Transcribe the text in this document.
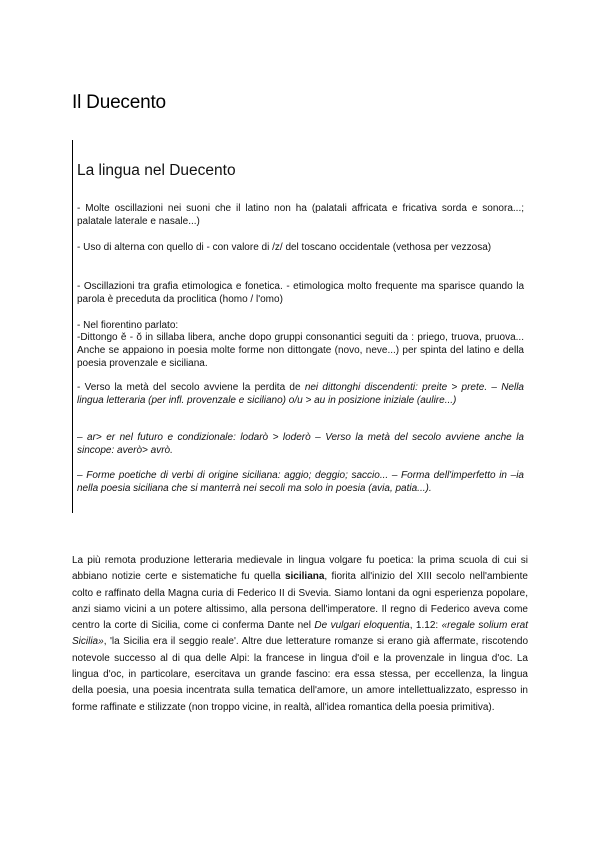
Il Duecento
La lingua nel Duecento

- Molte oscillazioni nei suoni che il latino non ha (palatali affricata e fricativa sorda e sonora...; palatale laterale e nasale...)

- Uso di alterna con quello di - con valore di /z/ del toscano occidentale (vethosa per vezzosa)

- Oscillazioni tra grafia etimologica e fonetica. - etimologica molto frequente ma sparisce quando la parola è preceduta da proclitica (homo / l'omo)

- Nel fiorentino parlato:

-Dittongo ě - ŏ in sillaba libera, anche dopo gruppi consonantici seguiti da : priego, truova, pruova... Anche se appaiono in poesia molte forme non dittongate (novo, neve...) per spinta del latino e della poesia provenzale e siciliana.

- Verso la metà del secolo avviene la perdita de nei dittonghi discendenti: preite > prete. – Nella lingua letteraria (per infl. provenzale e siciliano) o/u > au in posizione iniziale (aulire...)

– ar> er nel futuro e condizionale: lodarò > loderò – Verso la metà del secolo avviene anche la sincope: averò> avrò.

– Forme poetiche di verbi di origine siciliana: aggio; deggio; saccio... – Forma dell'imperfetto in –ia nella poesia siciliana che si manterrà nei secoli ma solo in poesia (avia, patia...).

La più remota produzione letteraria medievale in lingua volgare fu poetica: la prima scuola di cui si abbiano notizie certe e sistematiche fu quella siciliana, fiorita all'inizio del XIII secolo nell'ambiente colto e raffinato della Magna curia di Federico II di Svevia. Siamo lontani da ogni esperienza popolare, anzi siamo vicini a un potere altissimo, alla persona dell'imperatore. Il regno di Federico aveva come centro la corte di Sicilia, come ci conferma Dante nel De vulgari eloquentia, 1.12: «regale solium erat Sicilia», 'la Sicilia era il seggio reale'. Altre due letterature romanze si erano già affermate, riscotendo notevole successo al di qua delle Alpi: la francese in lingua d'oil e la provenzale in lingua d'oc. La lingua d'oc, in particolare, esercitava un grande fascino: era essa stessa, per eccellenza, la lingua della poesia, una poesia incentrata sulla tematica dell'amore, un amore intellettualizzato, espresso in forme raffinate e stilizzate (non troppo vicine, in realtà, all'idea romantica della poesia primitiva).
